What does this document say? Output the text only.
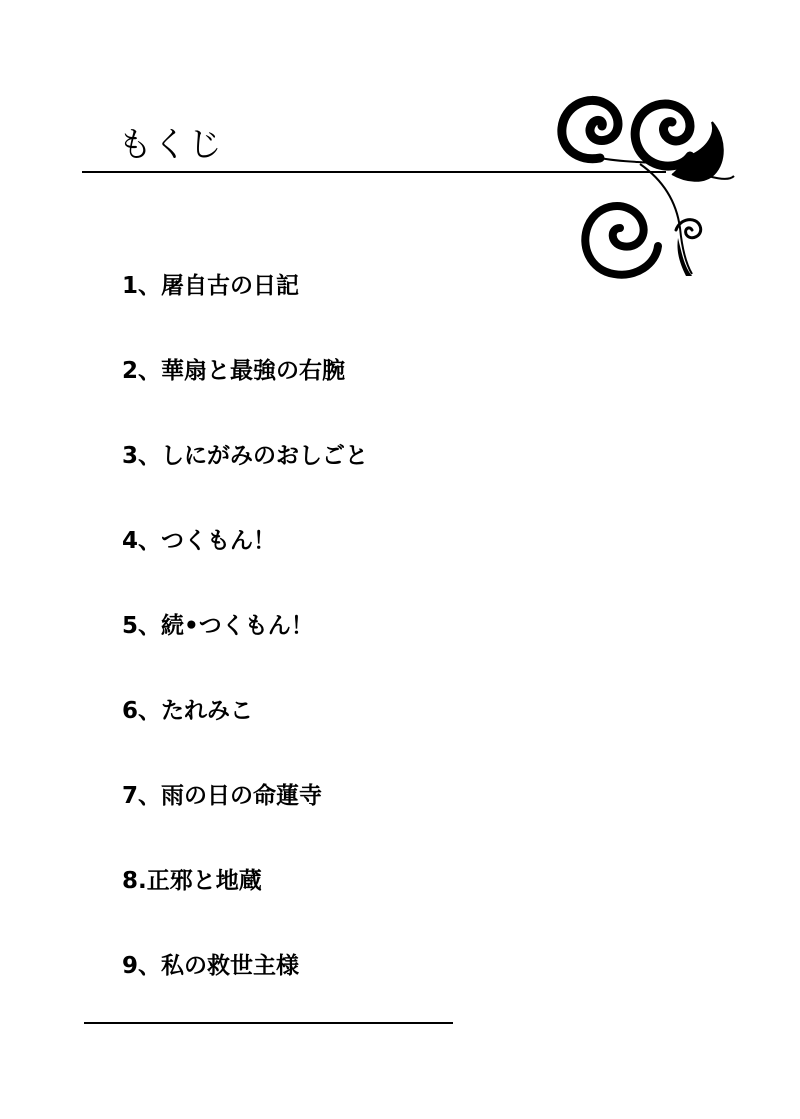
もくじ
1、屠自古の日記
2、華扇と最強の右腕
3、しにがみのおしごと
4、つくもん！
5、続•つくもん！
6、たれみこ
7、雨の日の命蓮寺
8.正邪と地蔵
9、私の救世主様
